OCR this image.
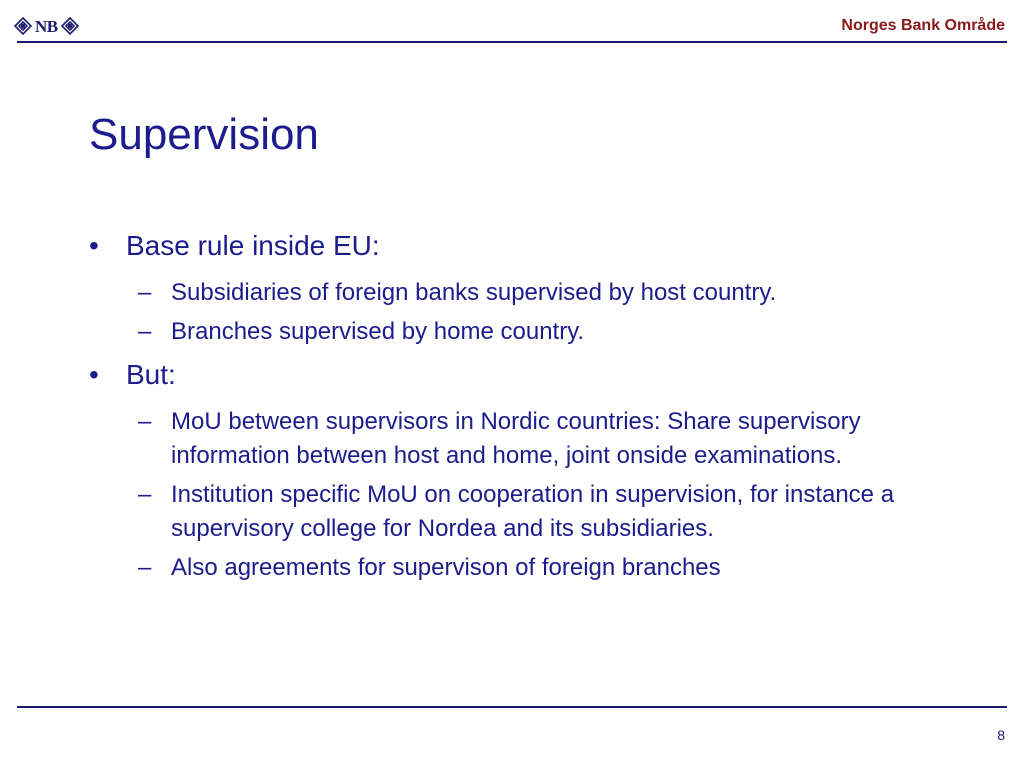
NB	Norges Bank Område
Supervision
• Base rule inside EU:
– Subsidiaries of foreign banks supervised by host country.
– Branches supervised by home country.
• But:
– MoU between supervisors in Nordic countries: Share supervisory information between host and home, joint onside examinations.
– Institution specific MoU on cooperation in supervision, for instance a supervisory college for Nordea and its subsidiaries.
– Also agreements for supervison of foreign branches
8
